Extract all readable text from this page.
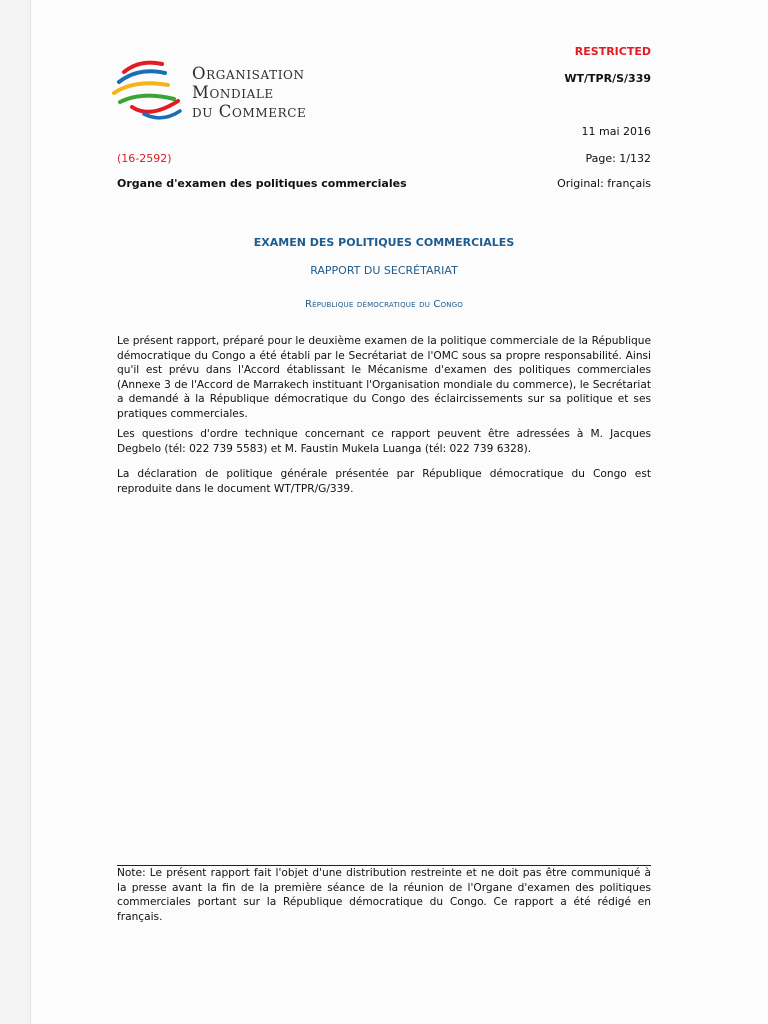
Organisation
Mondiale
du Commerce
RESTRICTED
WT/TPR/S/339
11 mai 2016
Page: 1/132
Original: français
(16-2592)
Organe d'examen des politiques commerciales
EXAMEN DES POLITIQUES COMMERCIALES
RAPPORT DU SECRÉTARIAT
République démocratique du Congo

Le présent rapport, préparé pour le deuxième examen de la politique commerciale de la République démocratique du Congo a été établi par le Secrétariat de l'OMC sous sa propre responsabilité. Ainsi qu'il est prévu dans l'Accord établissant le Mécanisme d'examen des politiques commerciales (Annexe 3 de l'Accord de Marrakech instituant l'Organisation mondiale du commerce), le Secrétariat a demandé à la République démocratique du Congo des éclaircissements sur sa politique et ses pratiques commerciales.

Les questions d'ordre technique concernant ce rapport peuvent être adressées à M. Jacques Degbelo (tél: 022 739 5583) et M. Faustin Mukela Luanga (tél: 022 739 6328).

La déclaration de politique générale présentée par République démocratique du Congo est reproduite dans le document WT/TPR/G/339.

Note: Le présent rapport fait l'objet d'une distribution restreinte et ne doit pas être communiqué à la presse avant la fin de la première séance de la réunion de l'Organe d'examen des politiques commerciales portant sur la République démocratique du Congo. Ce rapport a été rédigé en français.
